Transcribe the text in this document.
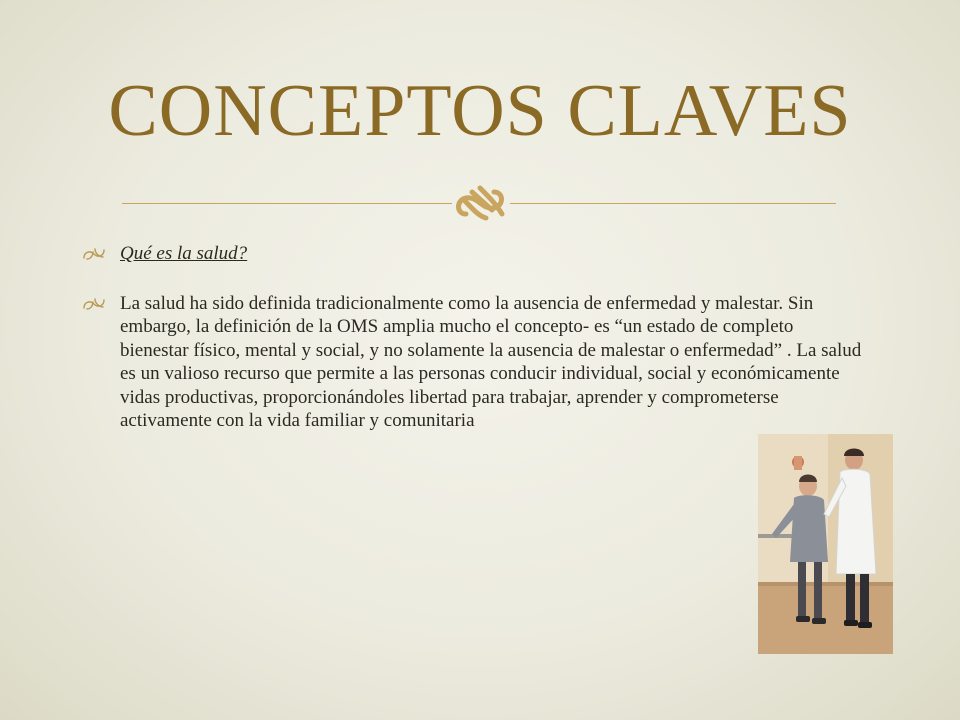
CONCEPTOS CLAVES
Qué es la salud?
La salud ha sido definida tradicionalmente como la ausencia de enfermedad y malestar. Sin embargo, la definición de la OMS amplia mucho el concepto- es “un estado de completo bienestar físico, mental y social, y no solamente la ausencia de malestar o enfermedad” . La salud es un valioso recurso que permite a las personas conducir individual, social y económicamente vidas productivas, proporcionándoles libertad para trabajar, aprender y comprometerse activamente con la vida familiar y comunitaria
